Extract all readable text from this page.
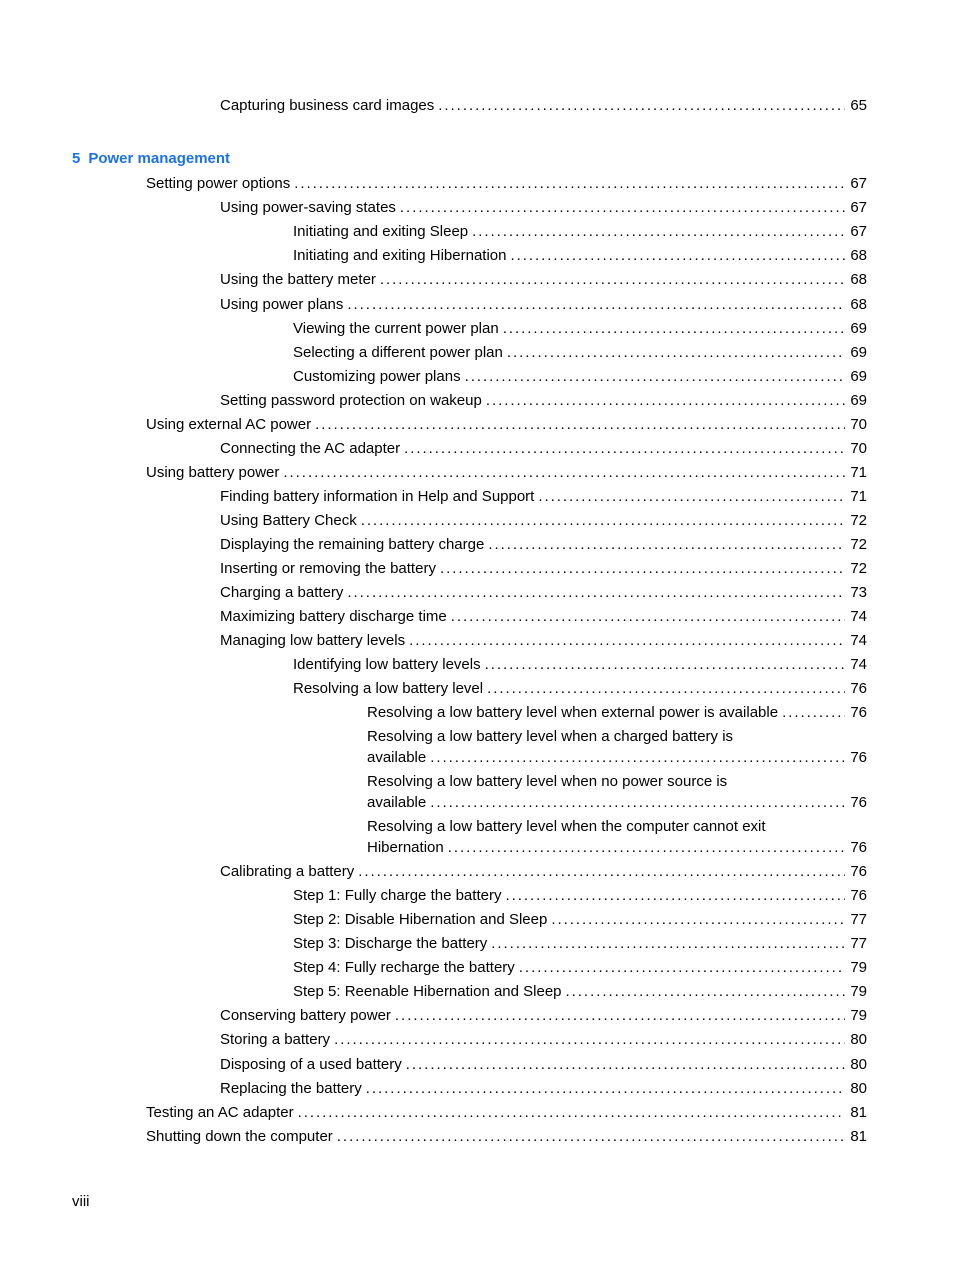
Capturing business card images . . .	65
5 Power management
Setting power options . . .	67
Using power-saving states . . .	67
Initiating and exiting Sleep . . .	67
Initiating and exiting Hibernation . . .	68
Using the battery meter . . .	68
Using power plans . . .	68
Viewing the current power plan . . .	69
Selecting a different power plan . . .	69
Customizing power plans . . .	69
Setting password protection on wakeup . . .	69
Using external AC power . . .	70
Connecting the AC adapter . . .	70
Using battery power . . .	71
Finding battery information in Help and Support . . .	71
Using Battery Check . . .	72
Displaying the remaining battery charge . . .	72
Inserting or removing the battery . . .	72
Charging a battery . . .	73
Maximizing battery discharge time . . .	74
Managing low battery levels . . .	74
Identifying low battery levels . . .	74
Resolving a low battery level . . .	76
Resolving a low battery level when external power is available . . .	76
Resolving a low battery level when a charged battery is
available . . .	76
Resolving a low battery level when no power source is
available . . .	76
Resolving a low battery level when the computer cannot exit
Hibernation . . .	76
Calibrating a battery . . .	76
Step 1: Fully charge the battery . . .	76
Step 2: Disable Hibernation and Sleep . . .	77
Step 3: Discharge the battery . . .	77
Step 4: Fully recharge the battery . . .	79
Step 5: Reenable Hibernation and Sleep . . .	79
Conserving battery power . . .	79
Storing a battery . . .	80
Disposing of a used battery . . .	80
Replacing the battery . . .	80
Testing an AC adapter . . .	81
Shutting down the computer . . .	81
viii
